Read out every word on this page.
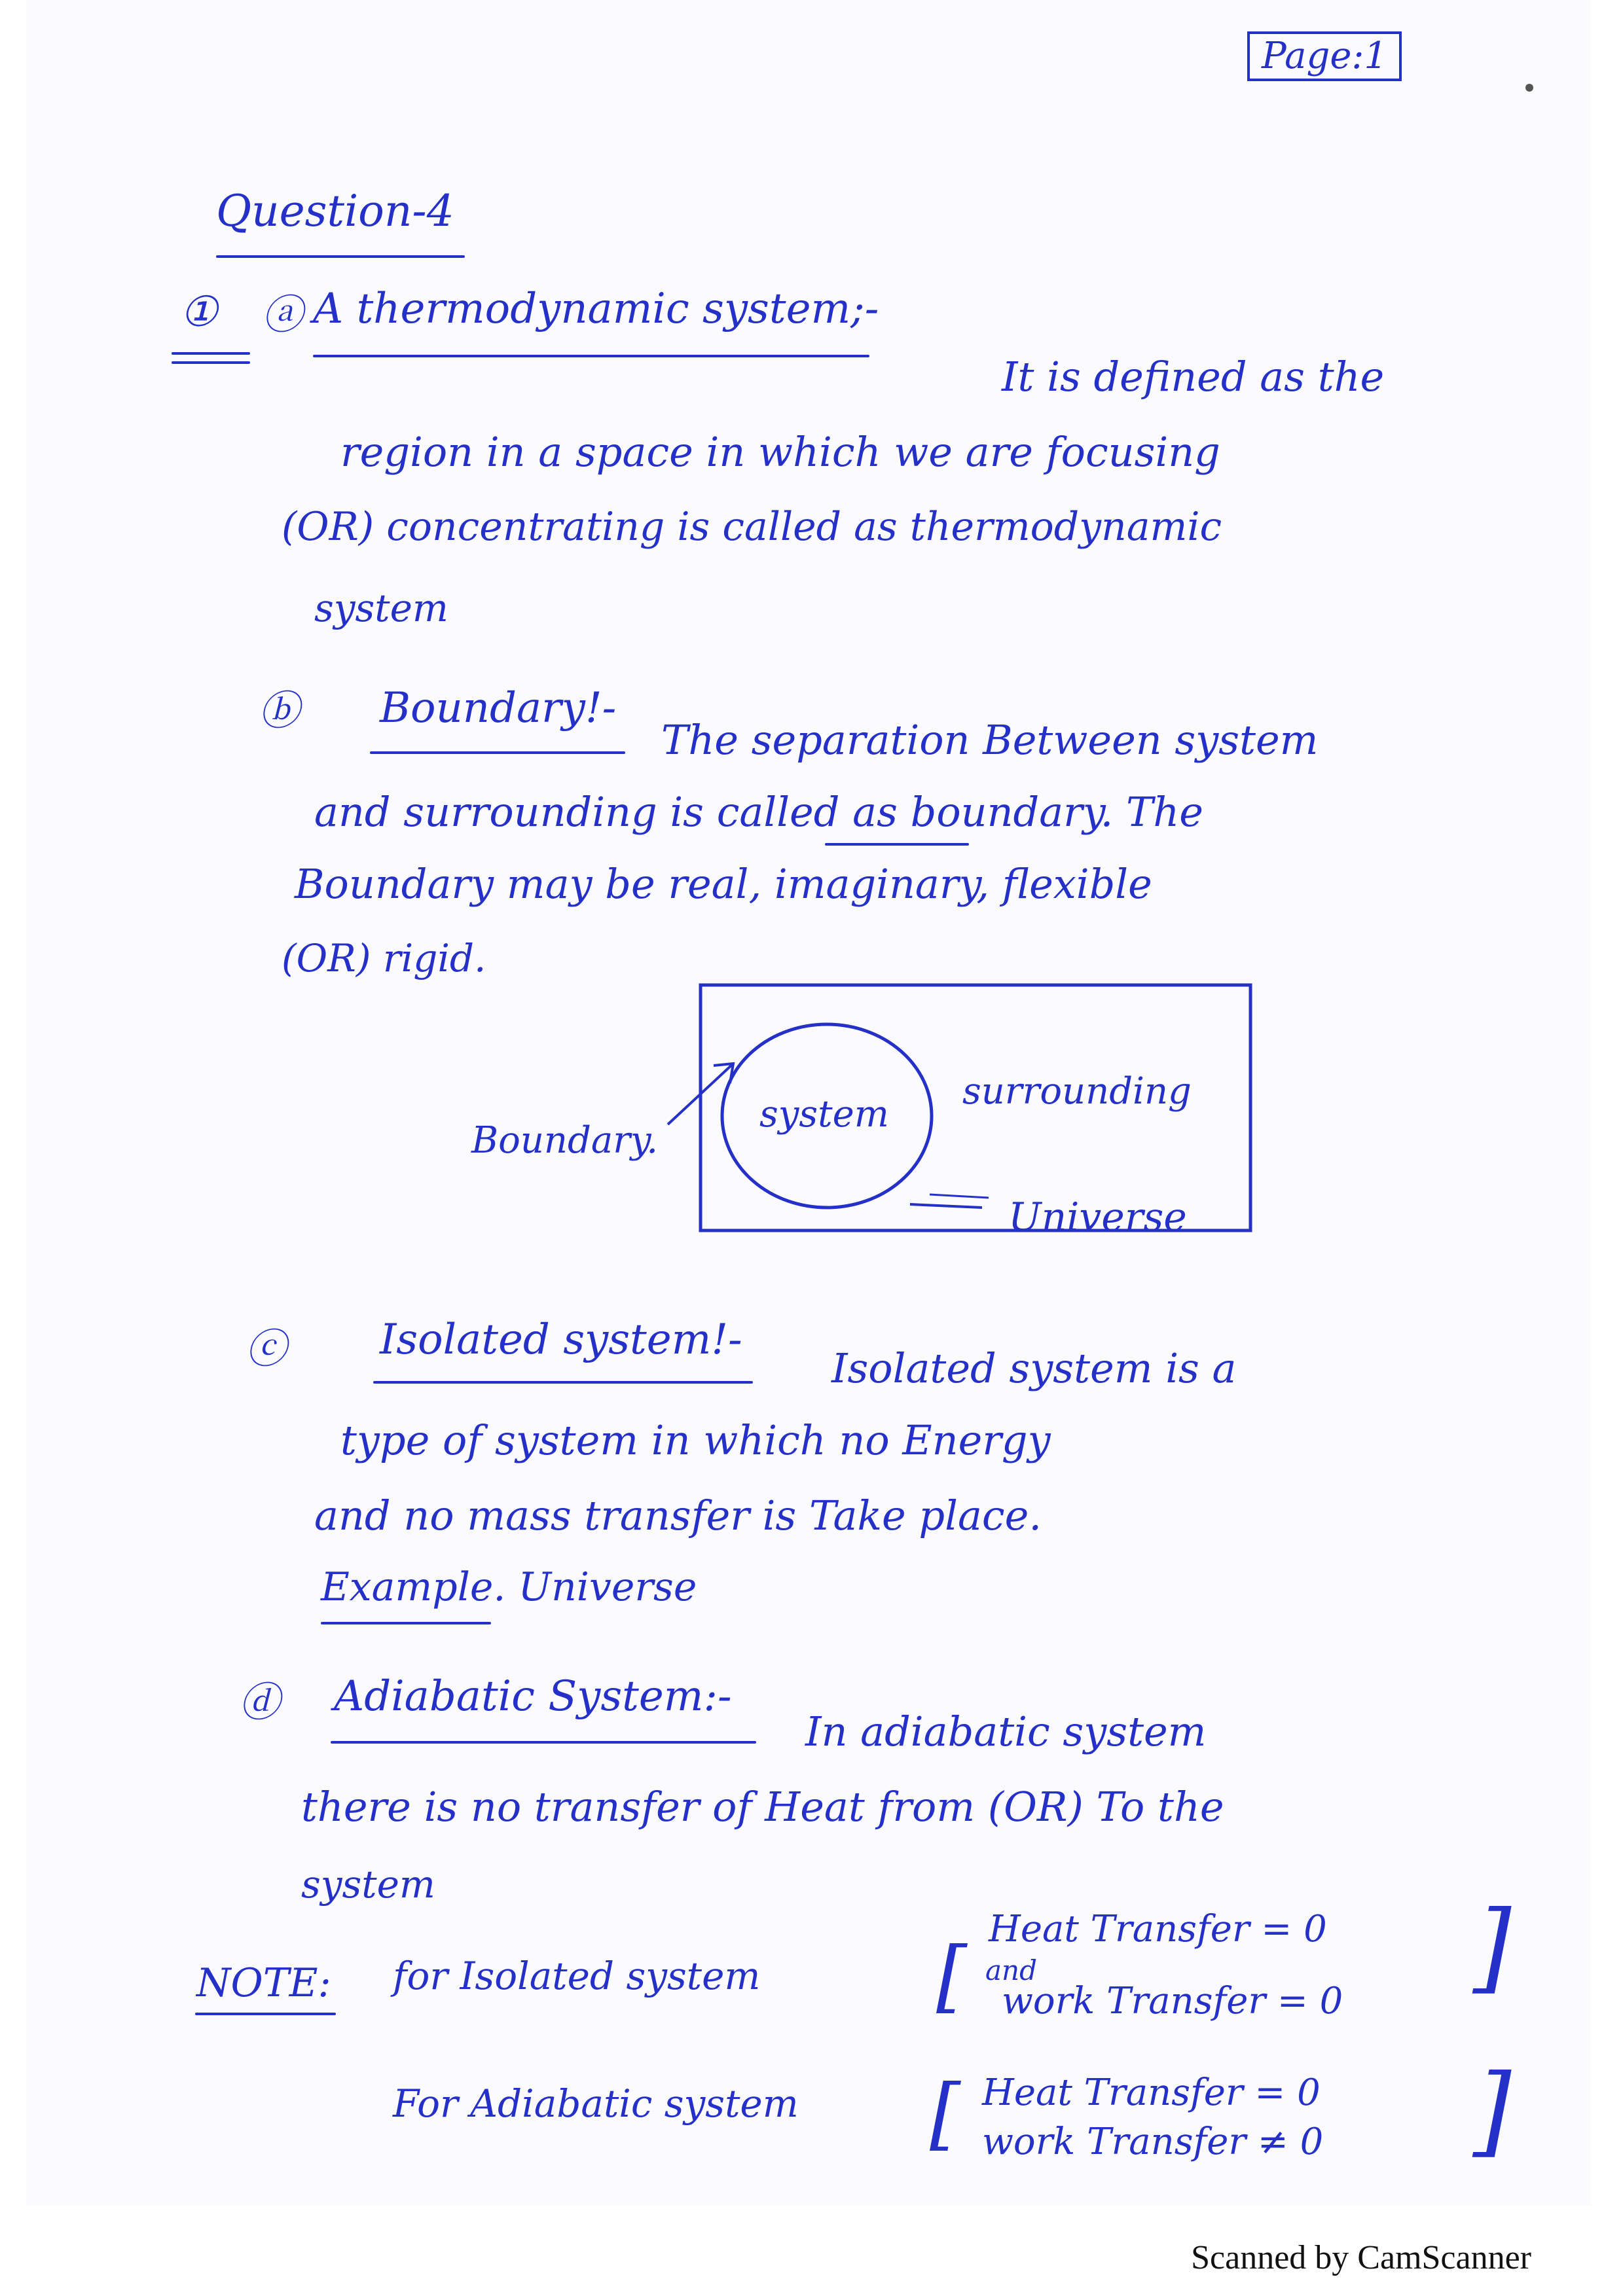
Page:1
Question-4
① ⓐ A thermodynamic system;-
It is defined as the
region in a space in which we are focusing
(OR) concentrating is called as thermodynamic
system
ⓑ Boundary!-
The separation Between system
and surrounding is called as boundary. The
Boundary may be real, imaginary, flexible
(OR) rigid.
system
surrounding
Boundary.
Universe
ⓒ Isolated system!-
Isolated system is a
type of system in which no Energy
and no mass transfer is Take place.
Example. Universe
ⓓ Adiabatic System:-
In adiabatic system
there is no transfer of Heat from (OR) To the
system
NOTE: for Isolated system [
Heat Transfer = 0
and
work Transfer = 0 ]
For Adiabatic system [ Heat Transfer = 0
work Transfer ≠ 0 ]
Scanned by CamScanner
